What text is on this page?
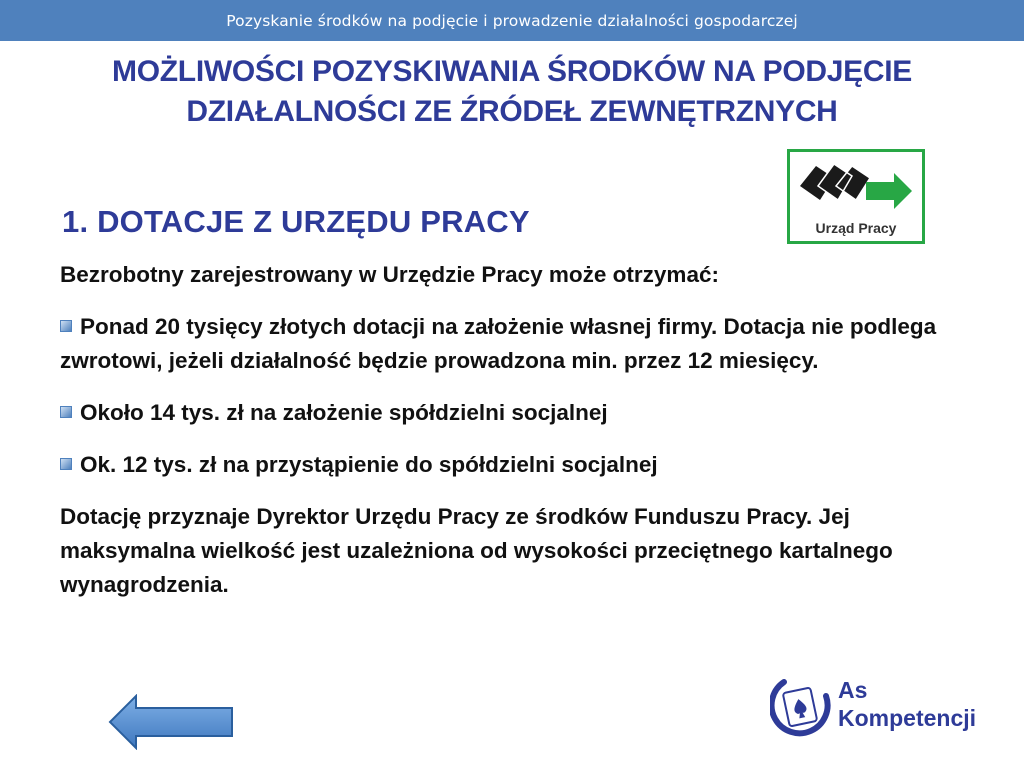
Pozyskanie środków na podjęcie i prowadzenie działalności gospodarczej
MOŻLIWOŚCI POZYSKIWANIA ŚRODKÓW NA PODJĘCIE
DZIAŁALNOŚCI ZE ŹRÓDEŁ ZEWNĘTRZNYCH
1. DOTACJE Z URZĘDU PRACY	Urząd Pracy

Bezrobotny zarejestrowany w Urzędzie Pracy może otrzymać:

Ponad 20 tysięcy złotych dotacji na założenie własnej firmy. Dotacja nie podlega zwrotowi, jeżeli działalność będzie prowadzona min. przez 12 miesięcy.

Około 14 tys. zł na założenie spółdzielni socjalnej

Ok. 12 tys. zł na przystąpienie do spółdzielni socjalnej

Dotację przyznaje Dyrektor Urzędu Pracy ze środków Funduszu Pracy. Jej maksymalna wielkość jest uzależniona od wysokości przeciętnego kartalnego wynagrodzenia.

As
Kompetencji
